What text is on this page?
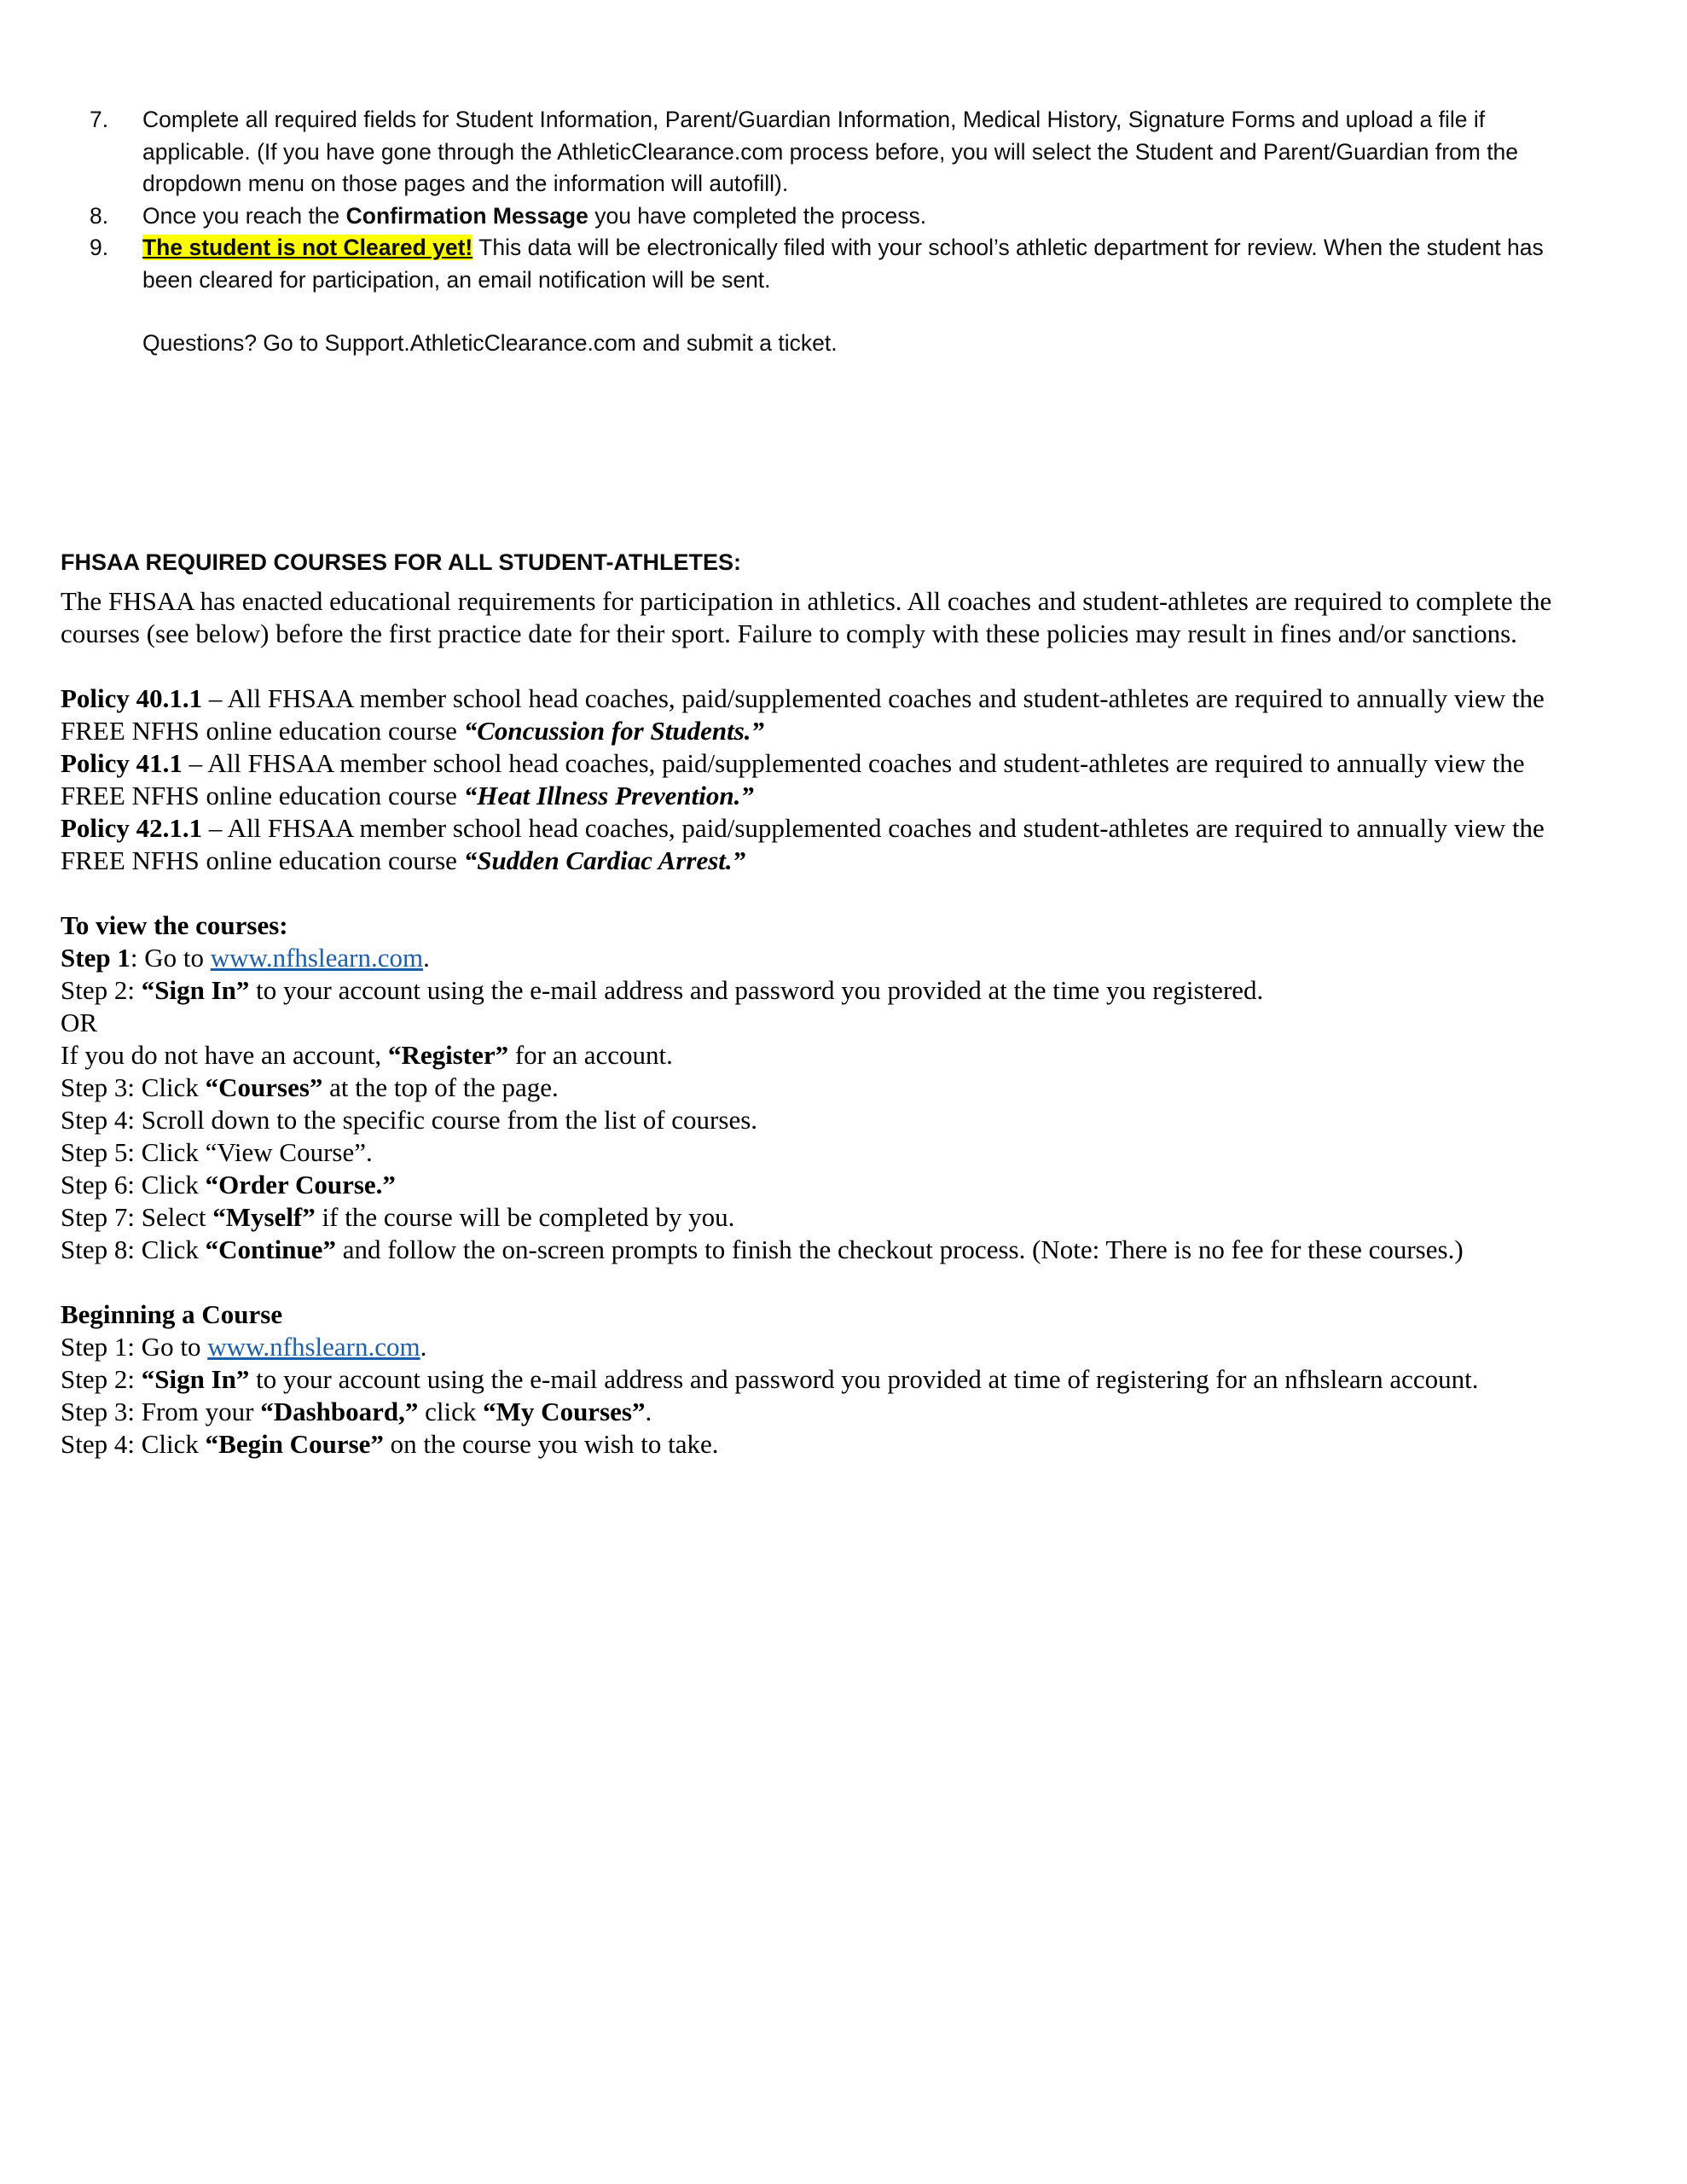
Complete all required fields for Student Information, Parent/Guardian Information, Medical History, Signature Forms and upload a file if applicable. (If you have gone through the AthleticClearance.com process before, you will select the Student and Parent/Guardian from the dropdown menu on those pages and the information will autofill).
Once you reach the Confirmation Message you have completed the process.
The student is not Cleared yet! This data will be electronically filed with your school’s athletic department for review. When the student has been cleared for participation, an email notification will be sent.
Questions? Go to Support.AthleticClearance.com and submit a ticket.
FHSAA REQUIRED COURSES FOR ALL STUDENT-ATHLETES:

The FHSAA has enacted educational requirements for participation in athletics. All coaches and student-athletes are required to complete the courses (see below) before the first practice date for their sport. Failure to comply with these policies may result in fines and/or sanctions.

Policy 40.1.1 – All FHSAA member school head coaches, paid/supplemented coaches and student-athletes are required to annually view the FREE NFHS online education course “Concussion for Students.”

Policy 41.1 – All FHSAA member school head coaches, paid/supplemented coaches and student-athletes are required to annually view the FREE NFHS online education course “Heat Illness Prevention.”

Policy 42.1.1 – All FHSAA member school head coaches, paid/supplemented coaches and student-athletes are required to annually view the FREE NFHS online education course “Sudden Cardiac Arrest.”

To view the courses:

Step 1: Go to www.nfhslearn.com.

Step 2: “Sign In” to your account using the e-mail address and password you provided at the time you registered.

OR

If you do not have an account, “Register” for an account.

Step 3: Click “Courses” at the top of the page.

Step 4: Scroll down to the specific course from the list of courses.

Step 5: Click “View Course”.

Step 6: Click “Order Course.”

Step 7: Select “Myself” if the course will be completed by you.

Step 8: Click “Continue” and follow the on-screen prompts to finish the checkout process. (Note: There is no fee for these courses.)

Beginning a Course

Step 1: Go to www.nfhslearn.com.

Step 2: “Sign In” to your account using the e-mail address and password you provided at time of registering for an nfhslearn account.

Step 3: From your “Dashboard,” click “My Courses”.

Step 4: Click “Begin Course” on the course you wish to take.
